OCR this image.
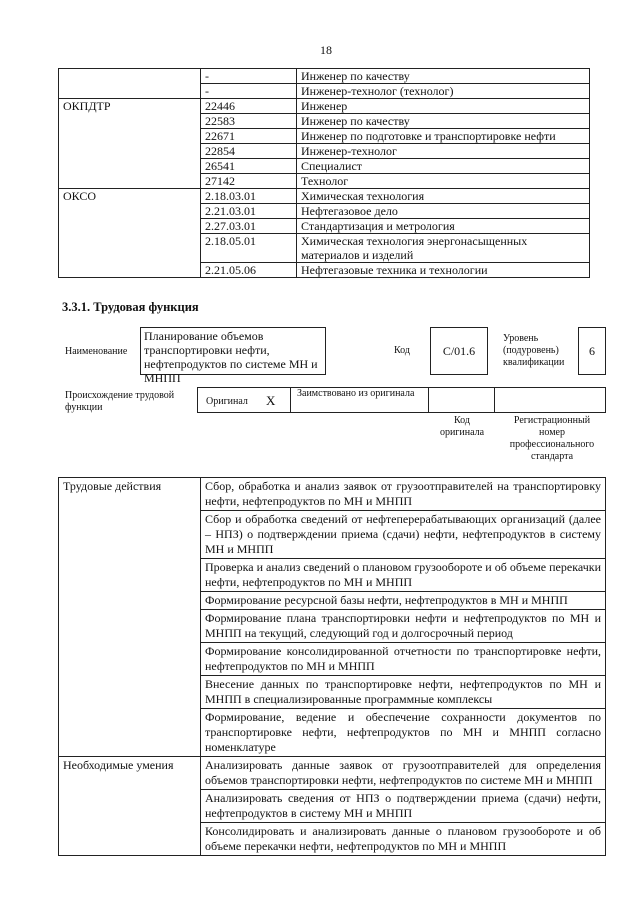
18
	-	Инженер по качеству
	-	Инженер-технолог (технолог)
ОКПДТР	22446	Инженер
	22583	Инженер по качеству
	22671	Инженер по подготовке и транспортировке нефти
	22854	Инженер-технолог
	26541	Специалист
	27142	Технолог
ОКСО	2.18.03.01	Химическая технология
	2.21.03.01	Нефтегазовое дело
	2.27.03.01	Стандартизация и метрология
	2.18.05.01	Химическая технология энергонасыщенных материалов и изделий
	2.21.05.06	Нефтегазовые техника и технологии
3.3.1. Трудовая функция
Наименование
Планирование объемов транспортировки нефти, нефтепродуктов по системе МН и МНПП
Код	С/01.6
Уровень (подуровень) квалификации
6
Происхождение трудовой функции
Оригинал X	Заимствовано из оригинала
Код оригинала
Регистрационный номер профессионального стандарта
Трудовые действия	Сбор, обработка и анализ заявок от грузоотправителей на транспортировку нефти, нефтепродуктов по МН и МНПП
	Сбор и обработка сведений от нефтеперерабатывающих организаций (далее – НПЗ) о подтверждении приема (сдачи) нефти, нефтепродуктов в систему МН и МНПП
	Проверка и анализ сведений о плановом грузообороте и об объеме перекачки нефти, нефтепродуктов по МН и МНПП
	Формирование ресурсной базы нефти, нефтепродуктов в МН и МНПП
	Формирование плана транспортировки нефти и нефтепродуктов по МН и МНПП на текущий, следующий год и долгосрочный период
	Формирование консолидированной отчетности по транспортировке нефти, нефтепродуктов по МН и МНПП
	Внесение данных по транспортировке нефти, нефтепродуктов по МН и МНПП в специализированные программные комплексы
	Формирование, ведение и обеспечение сохранности документов по транспортировке нефти, нефтепродуктов по МН и МНПП согласно номенклатуре
Необходимые умения	Анализировать данные заявок от грузоотправителей для определения объемов транспортировки нефти, нефтепродуктов по системе МН и МНПП
	Анализировать сведения от НПЗ о подтверждении приема (сдачи) нефти, нефтепродуктов в систему МН и МНПП
	Консолидировать и анализировать данные о плановом грузообороте и об объеме перекачки нефти, нефтепродуктов по МН и МНПП
